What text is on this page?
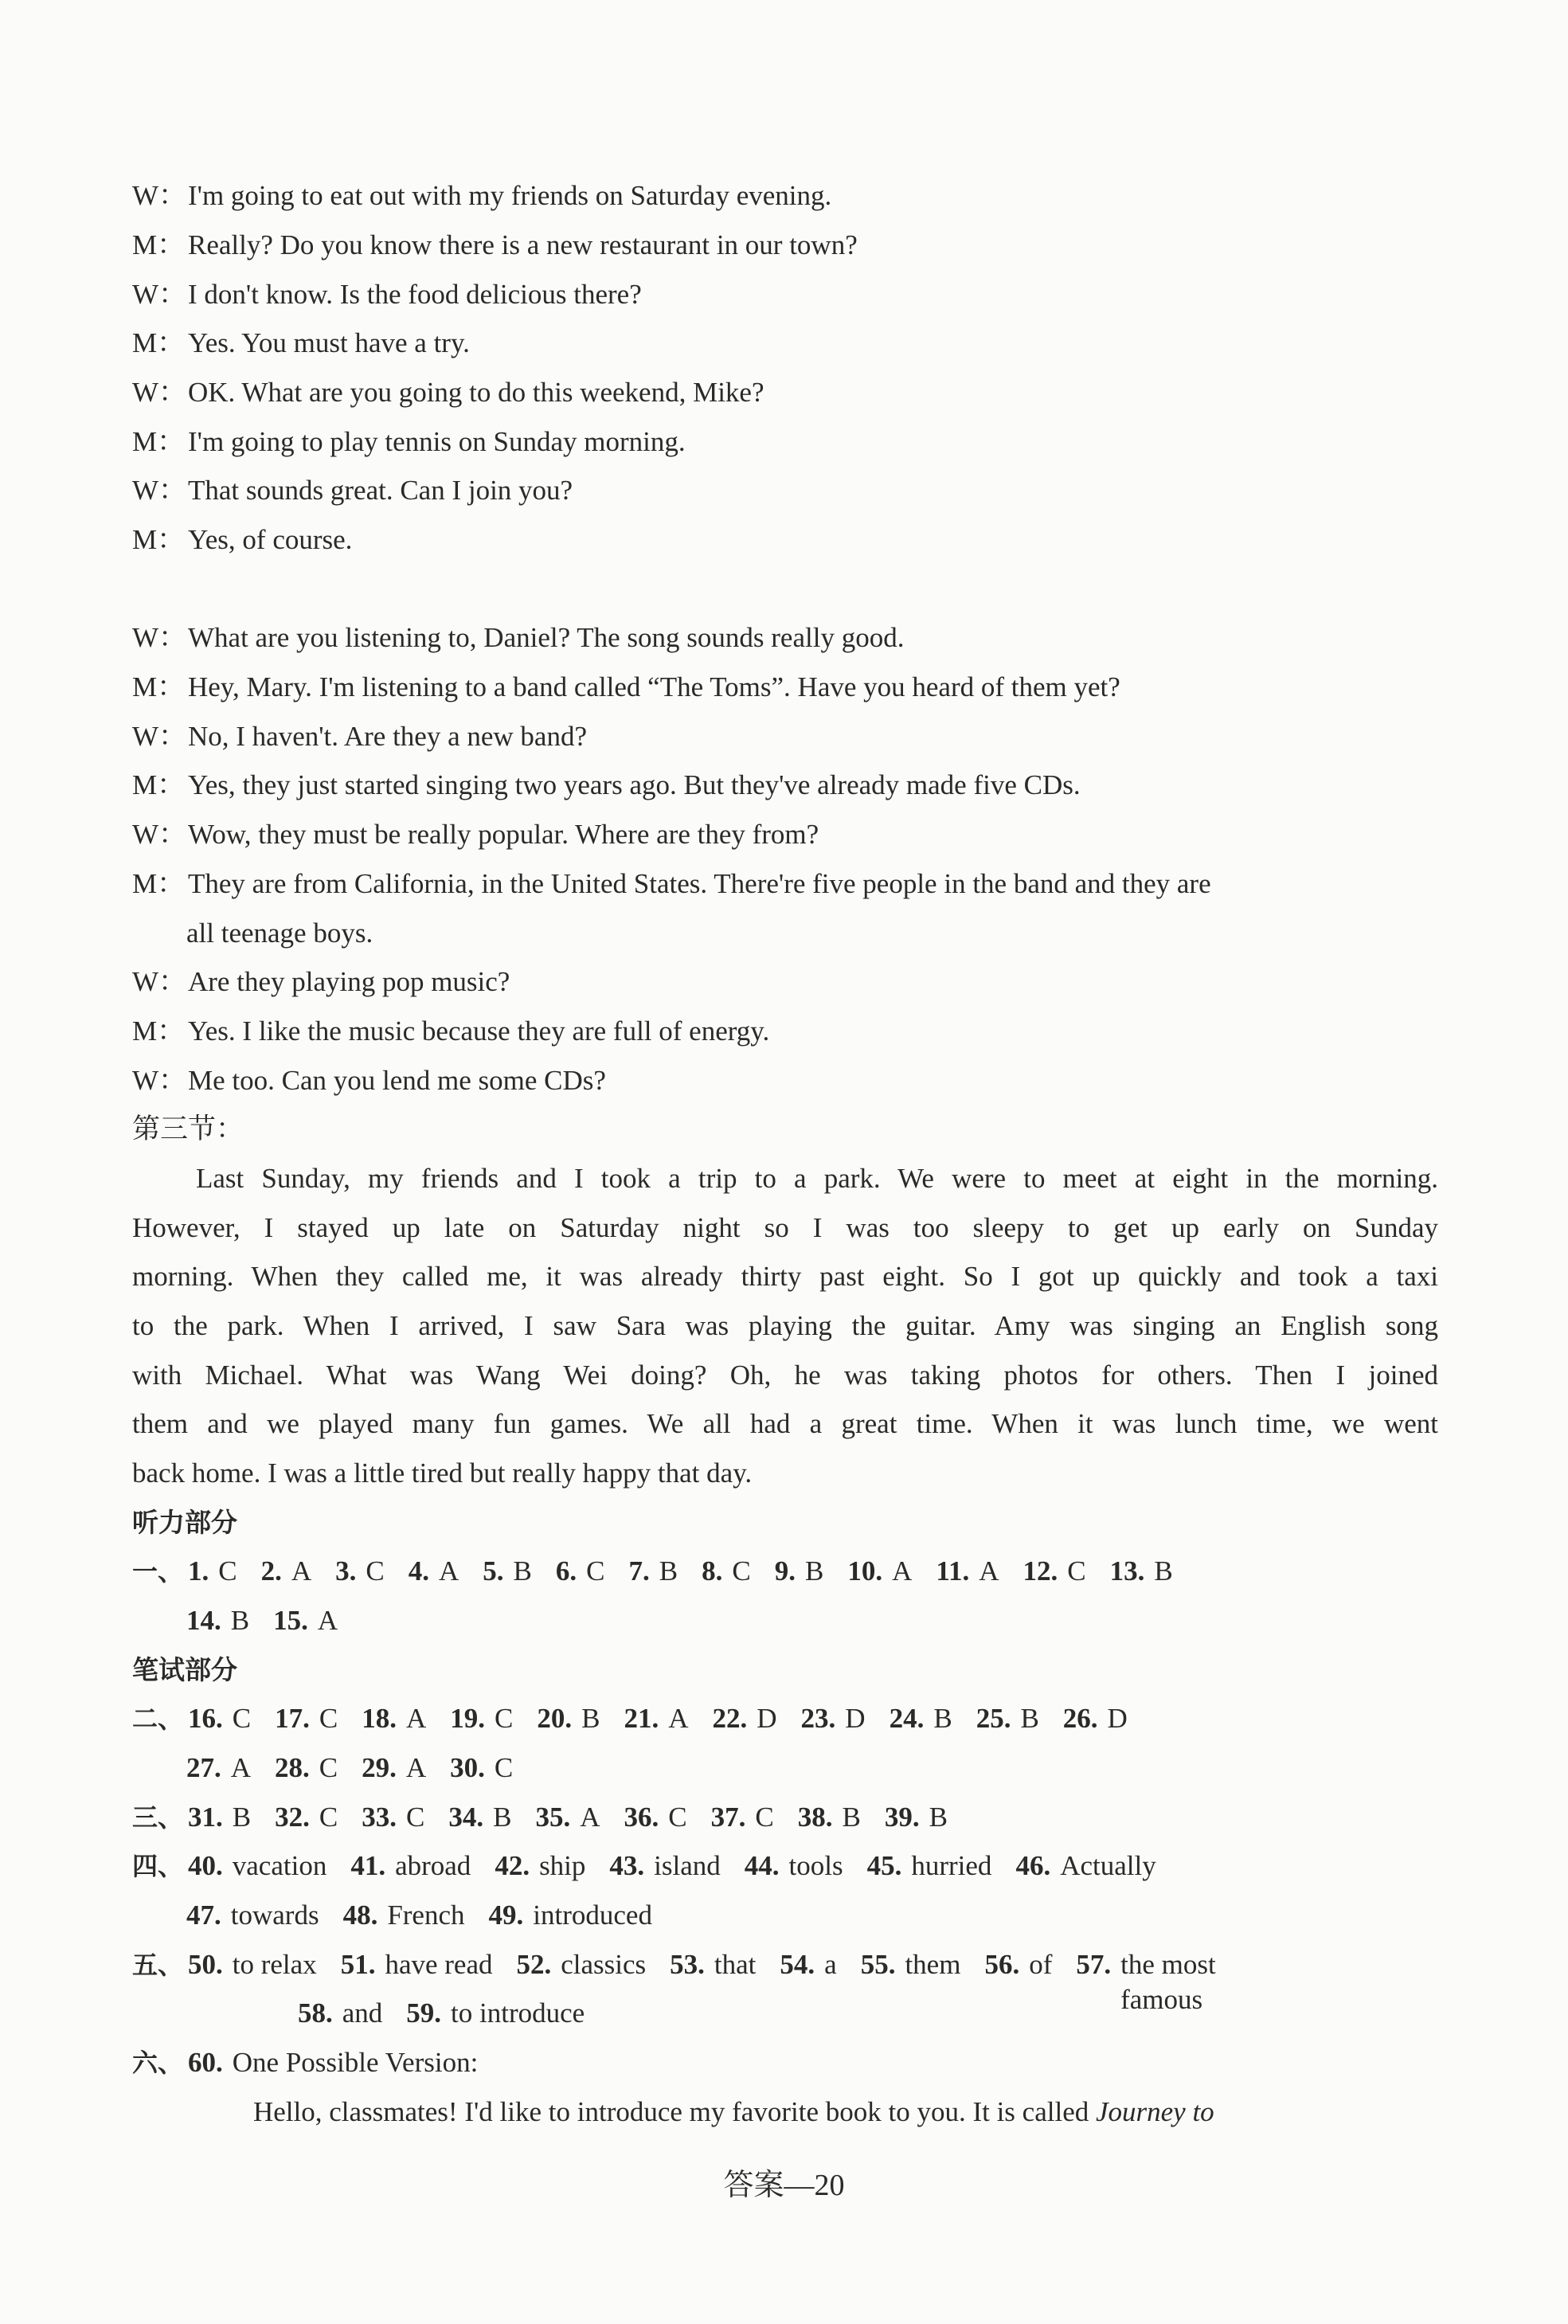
W：I'm going to eat out with my friends on Saturday evening.
M： Really? Do you know there is a new restaurant in our town?
W：I don't know. Is the food delicious there?
M： Yes. You must have a try.
W：OK. What are you going to do this weekend, Mike?
M： I'm going to play tennis on Sunday morning.
W：That sounds great. Can I join you?
M： Yes, of course.
W：What are you listening to, Daniel? The song sounds really good.
M： Hey, Mary. I'm listening to a band called “The Toms”. Have you heard of them yet?
W：No, I haven't. Are they a new band?
M： Yes, they just started singing two years ago. But they've already made five CDs.
W：Wow, they must be really popular. Where are they from?
M： They are from California, in the United States. There're five people in the band and they are
all teenage boys.
W：Are they playing pop music?
M： Yes. I like the music because they are full of energy.
W：Me too. Can you lend me some CDs?
第三节：
Last Sunday, my friends and I took a trip to a park. We were to meet at eight in the morning.
However, I stayed up late on Saturday night so I was too sleepy to get up early on Sunday
morning. When they called me, it was already thirty past eight. So I got up quickly and took a taxi
to the park. When I arrived, I saw Sara was playing the guitar. Amy was singing an English song
with Michael. What was Wang Wei doing? Oh, he was taking photos for others. Then I joined
them and we played many fun games. We all had a great time. When it was lunch time, we went
back home. I was a little tired but really happy that day.
听力部分
一、 1. C 2. A 3. C 4. A 5. B 6. C 7. B 8. C 9. B 10. A 11. A 12. C 13. B
14. B 15. A
笔试部分
二、 16. C 17. C 18. A 19. C 20. B 21. A 22. D 23. D 24. B 25. B 26. D
27. A 28. C 29. A 30. C
三、 31. B 32. C 33. C 34. B 35. A 36. C 37. C 38. B 39. B
四、 40. vacation 41. abroad 42. ship 43. island 44. tools 45. hurried 46. Actually
47. towards 48. French 49. introduced
五、 50. to relax 51. have read 52. classics 53. that 54. a 55. them 56. of 57. the most famous
58. and 59. to introduce
六、 60. One Possible Version:
Hello, classmates! I'd like to introduce my favorite book to you. It is called Journey to
答案—20
